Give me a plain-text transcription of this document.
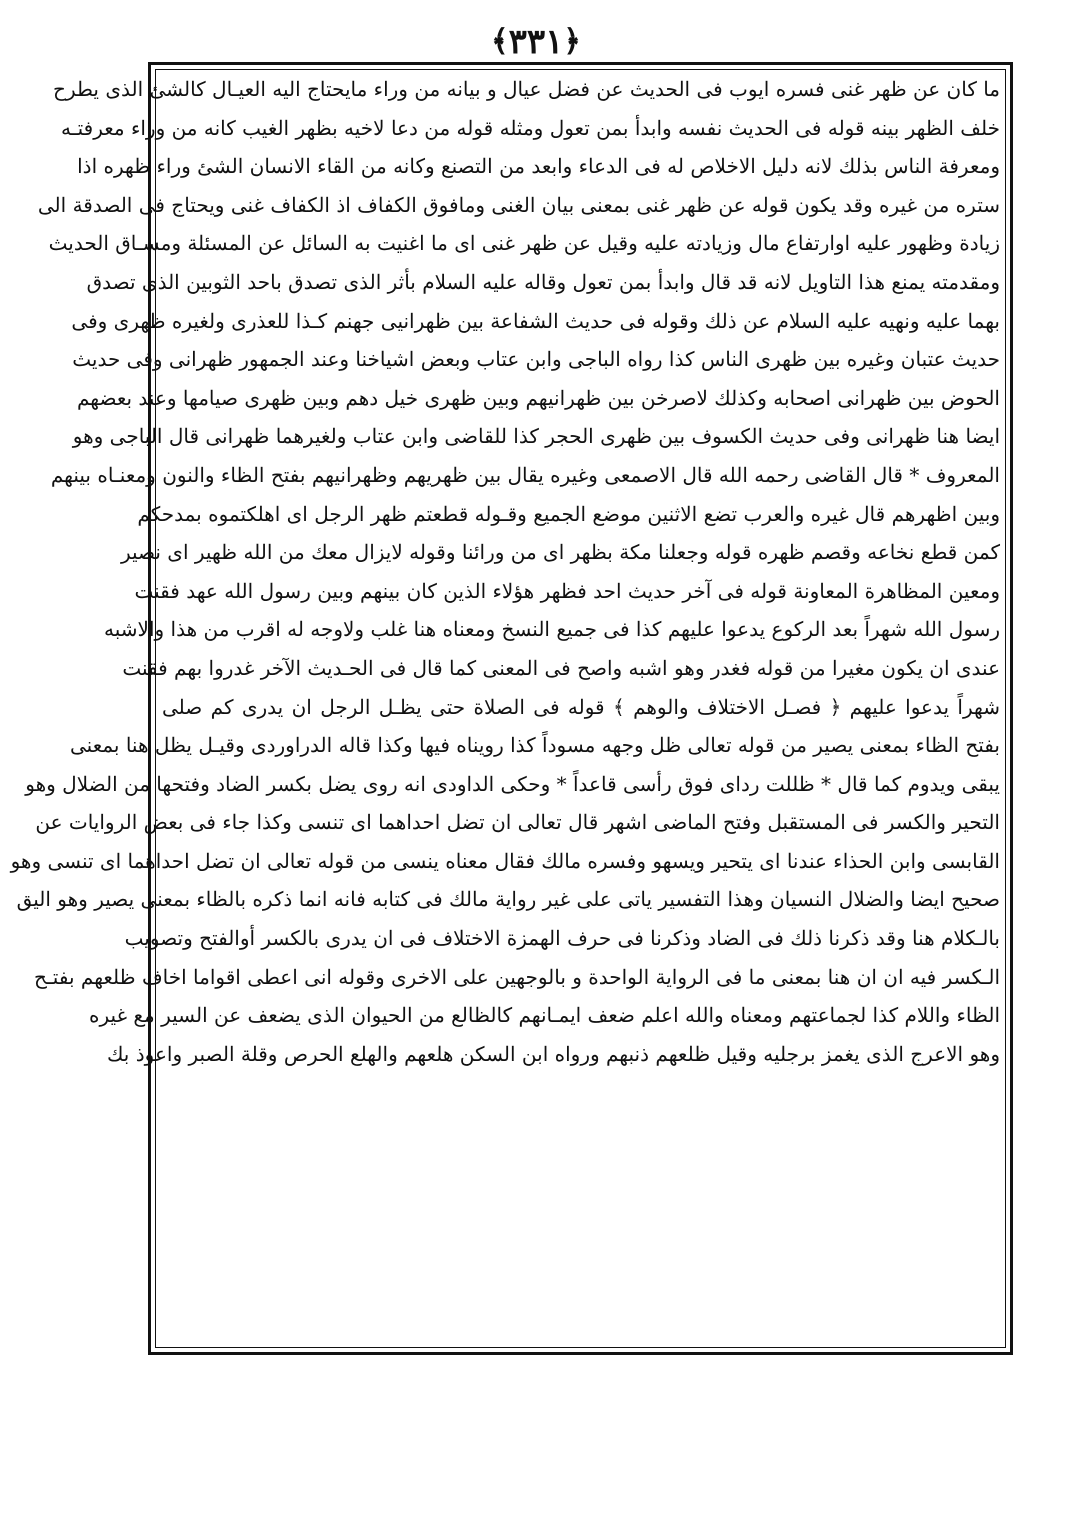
﴿٣٣١﴾
ما كان عن ظهر غنى فسره ايوب فى الحديث عن فضل عيال و بيانه من وراء مايحتاج اليه العيـال كالشئ الذى يطرح
خلف الظهر بينه قوله فى الحديث نفسه وابدأ بمن تعول ومثله قوله من دعا لاخيه بظهر الغيب كانه من وراء معرفتـه
ومعرفة الناس بذلك لانه دليل الاخلاص له فى الدعاء وابعد من التصنع وكانه من القاء الانسان الشئ وراء ظهره اذا
ستره من غيره وقد يكون قوله عن ظهر غنى بمعنى بيان الغنى ومافوق الكفاف اذ الكفاف غنى ويحتاج فى الصدقة الى
زيادة وظهور عليه اوارتفاع مال وزيادته عليه وقيل عن ظهر غنى اى ما اغنيت به السائل عن المسئلة ومسـاق الحديث
ومقدمته يمنع هذا التاويل لانه قد قال وابدأ بمن تعول وقاله عليه السلام بأثر الذى تصدق باحد الثوبين الذى تصدق
بهما عليه ونهيه عليه السلام عن ذلك وقوله فى حديث الشفاعة بين ظهرانيى جهنم كـذا للعذرى ولغيره ظهرى وفى
حديث عتبان وغيره بين ظهرى الناس كذا رواه الباجى وابن عتاب وبعض اشياخنا وعند الجمهور ظهرانى وفى حديث
الحوض بين ظهرانى اصحابه وكذلك لاصرخن بين ظهرانيهم وبين ظهرى خيل دهم وبين ظهرى صيامها وعند بعضهم
ايضا هنا ظهرانى وفى حديث الكسوف بين ظهرى الحجر كذا للقاضى وابن عتاب ولغيرهما ظهرانى قال الباجى وهو
المعروف * قال القاضى رحمه الله قال الاصمعى وغيره يقال بين ظهريهم وظهرانيهم بفتح الظاء والنون ومعنـاه بينهم
وبين اظهرهم قال غيره والعرب تضع الاثنين موضع الجميع وقـوله قطعتم ظهر الرجل اى اهلكتموه بمدحكم
كمن قطع نخاعه وقصم ظهره قوله وجعلنا مكة بظهر اى من ورائنا وقوله لايزال معك من الله ظهير اى نصير
ومعين المظاهرة المعاونة قوله فى آخر حديث احد فظهر هؤلاء الذين كان بينهم وبين رسول الله عهد فقنت
رسول الله شهراً بعد الركوع يدعوا عليهم كذا فى جميع النسخ ومعناه هنا غلب ولاوجه له اقرب من هذا والاشبه
عندى ان يكون مغيرا من قوله فغدر وهو اشبه واصح فى المعنى كما قال فى الحـديث الآخر غدروا بهم فقنت
شهراً يدعوا عليهم ﴿ فصـل الاختلاف والوهم ﴾ قوله فى الصلاة حتى يظـل الرجل ان يدرى كم صلى
بفتح الظاء بمعنى يصير من قوله تعالى ظل وجهه مسوداً كذا رويناه فيها وكذا قاله الدراوردى وقيـل يظل هنا بمعنى
يبقى ويدوم كما قال * ظللت رداى فوق رأسى قاعداً * وحكى الداودى انه روى يضل بكسر الضاد وفتحها من الضلال وهو
التحير والكسر فى المستقبل وفتح الماضى اشهر قال تعالى ان تضل احداهما اى تنسى وكذا جاء فى بعض الروايات عن
القابسى وابن الحذاء عندنا اى يتحير ويسهو وفسره مالك فقال معناه ينسى من قوله تعالى ان تضل احداهما اى تنسى وهو
صحيح ايضا والضلال النسيان وهذا التفسير ياتى على غير رواية مالك فى كتابه فانه انما ذكره بالظاء بمعنى يصير وهو اليق
بالـكلام هنا وقد ذكرنا ذلك فى الضاد وذكرنا فى حرف الهمزة الاختلاف فى ان يدرى بالكسر أوالفتح وتصويب
الـكسر فيه ان ان هنا بمعنى ما فى الرواية الواحدة و بالوجهين على الاخرى وقوله انى اعطى اقواما اخاف ظلعهم بفتـح
الظاء واللام كذا لجماعتهم ومعناه والله اعلم ضعف ايمـانهم كالظالع من الحيوان الذى يضعف عن السير مع غيره
وهو الاعرج الذى يغمز برجليه وقيل ظلعهم ذنبهم ورواه ابن السكن هلعهم والهلع الحرص وقلة الصبر واعوذ بك
